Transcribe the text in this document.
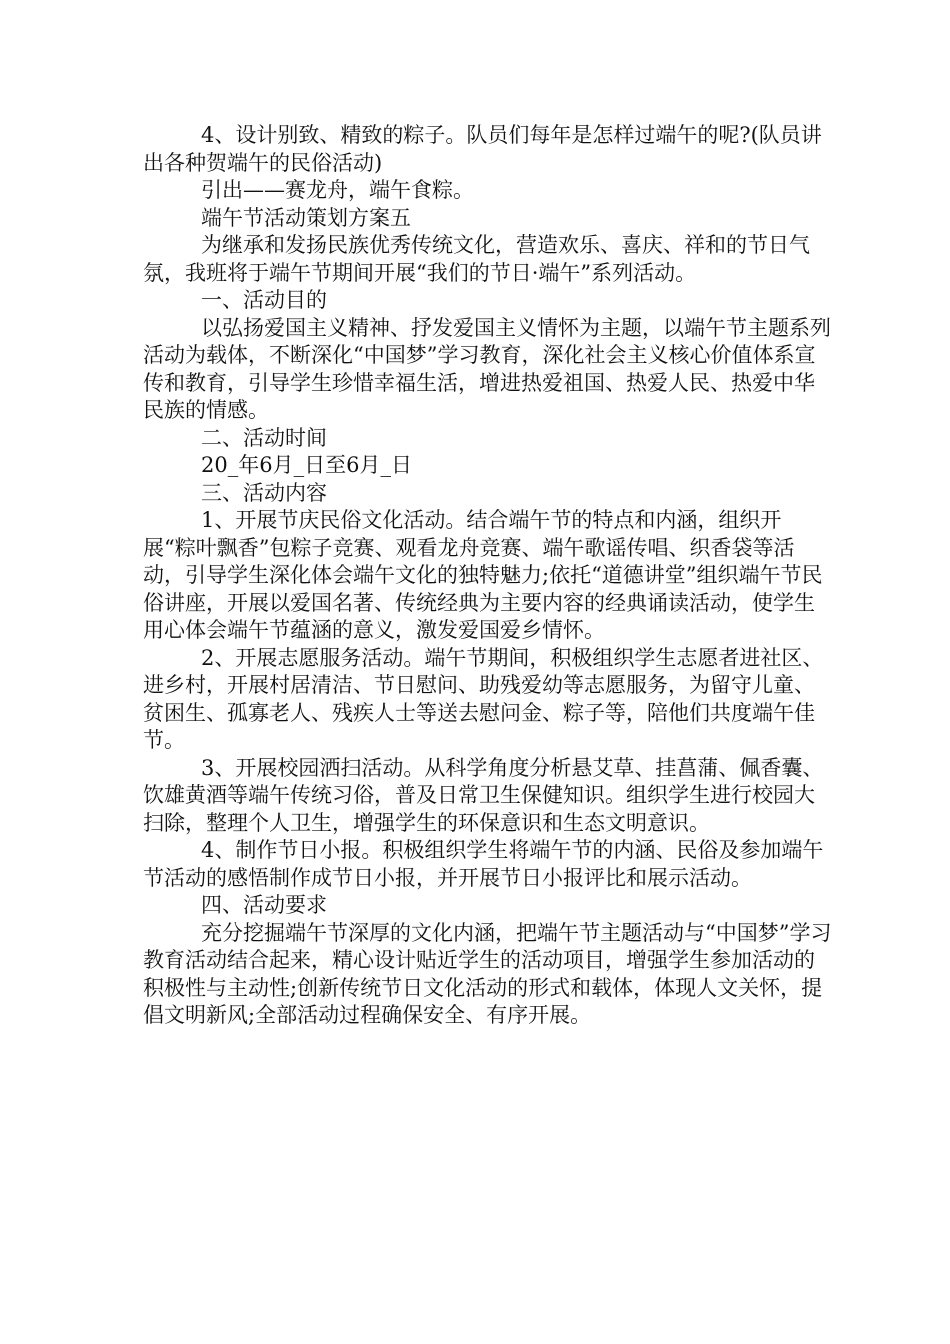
4、设计别致、精致的粽子。队员们每年是怎样过端午的呢?(队员讲出各种贺端午的民俗活动)

引出——赛龙舟，端午食粽。

端午节活动策划方案五

为继承和发扬民族优秀传统文化，营造欢乐、喜庆、祥和的节日气氛，我班将于端午节期间开展“我们的节日·端午”系列活动。

一、活动目的

以弘扬爱国主义精神、抒发爱国主义情怀为主题，以端午节主题系列活动为载体，不断深化“中国梦”学习教育，深化社会主义核心价值体系宣传和教育，引导学生珍惜幸福生活，增进热爱祖国、热爱人民、热爱中华民族的情感。

二、活动时间

20_年6月_日至6月_日

三、活动内容

1、开展节庆民俗文化活动。结合端午节的特点和内涵，组织开展“粽叶飘香”包粽子竞赛、观看龙舟竞赛、端午歌谣传唱、织香袋等活动，引导学生深化体会端午文化的独特魅力;依托“道德讲堂”组织端午节民俗讲座，开展以爱国名著、传统经典为主要内容的经典诵读活动，使学生用心体会端午节蕴涵的意义，激发爱国爱乡情怀。

2、开展志愿服务活动。端午节期间，积极组织学生志愿者进社区、进乡村，开展村居清洁、节日慰问、助残爱幼等志愿服务，为留守儿童、贫困生、孤寡老人、残疾人士等送去慰问金、粽子等，陪他们共度端午佳节。

3、开展校园洒扫活动。从科学角度分析悬艾草、挂菖蒲、佩香囊、饮雄黄酒等端午传统习俗，普及日常卫生保健知识。组织学生进行校园大扫除，整理个人卫生，增强学生的环保意识和生态文明意识。

4、制作节日小报。积极组织学生将端午节的内涵、民俗及参加端午节活动的感悟制作成节日小报，并开展节日小报评比和展示活动。

四、活动要求

充分挖掘端午节深厚的文化内涵，把端午节主题活动与“中国梦”学习教育活动结合起来，精心设计贴近学生的活动项目，增强学生参加活动的积极性与主动性;创新传统节日文化活动的形式和载体，体现人文关怀，提倡文明新风;全部活动过程确保安全、有序开展。
